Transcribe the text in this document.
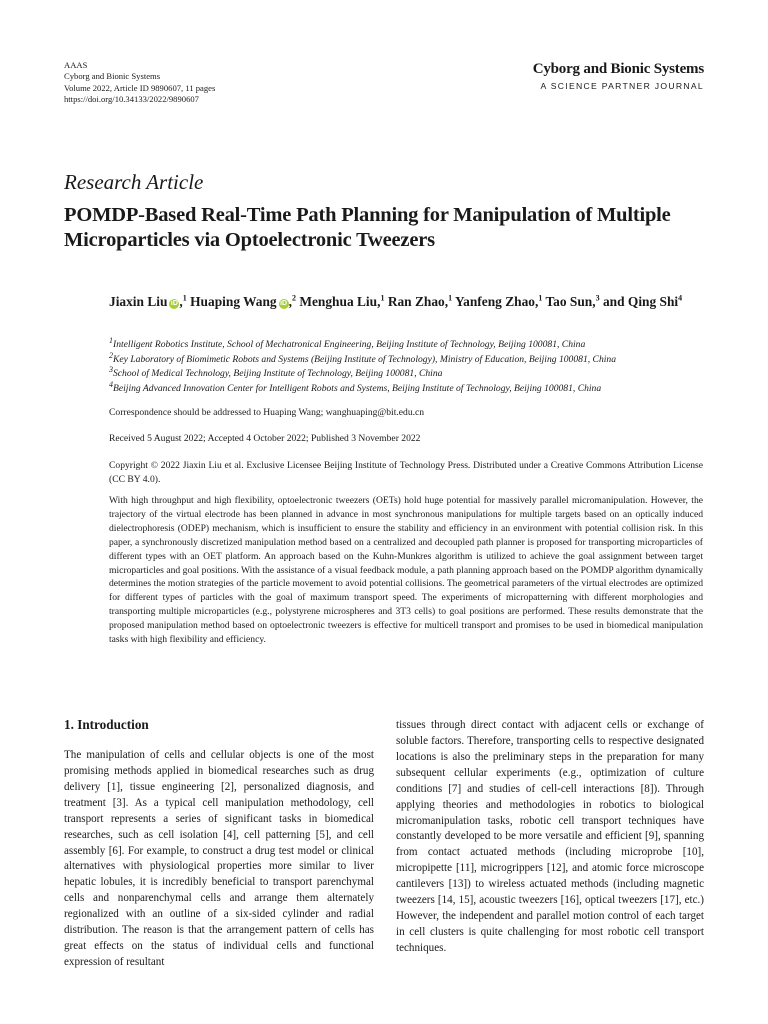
AAAS
Cyborg and Bionic Systems
Volume 2022, Article ID 9890607, 11 pages
https://doi.org/10.34133/2022/9890607
Cyborg and Bionic Systems
A SCIENCE PARTNER JOURNAL
Research Article
POMDP-Based Real-Time Path Planning for Manipulation of Multiple Microparticles via Optoelectronic Tweezers
Jiaxin Liu iD ,$^1$ Huaping Wang iD ,$^2$ Menghua Liu,$^1$ Ran Zhao,$^1$ Yanfeng Zhao,$^1$ Tao Sun,$^3$ and Qing Shi$^4$
$^1$Intelligent Robotics Institute, School of Mechatronical Engineering, Beijing Institute of Technology, Beijing 100081, China
$^2$Key Laboratory of Biomimetic Robots and Systems (Beijing Institute of Technology), Ministry of Education, Beijing 100081, China
$^3$School of Medical Technology, Beijing Institute of Technology, Beijing 100081, China
$^4$Beijing Advanced Innovation Center for Intelligent Robots and Systems, Beijing Institute of Technology, Beijing 100081, China
Correspondence should be addressed to Huaping Wang; wanghuaping@bit.edu.cn
Received 5 August 2022; Accepted 4 October 2022; Published 3 November 2022
Copyright © 2022 Jiaxin Liu et al. Exclusive Licensee Beijing Institute of Technology Press. Distributed under a Creative Commons Attribution License (CC BY 4.0).
With high throughput and high flexibility, optoelectronic tweezers (OETs) hold huge potential for massively parallel micromanipulation. However, the trajectory of the virtual electrode has been planned in advance in most synchronous manipulations for multiple targets based on an optically induced dielectrophoresis (ODEP) mechanism, which is insufficient to ensure the stability and efficiency in an environment with potential collision risk. In this paper, a synchronously discretized manipulation method based on a centralized and decoupled path planner is proposed for transporting microparticles of different types with an OET platform. An approach based on the Kuhn-Munkres algorithm is utilized to achieve the goal assignment between target microparticles and goal positions. With the assistance of a visual feedback module, a path planning approach based on the POMDP algorithm dynamically determines the motion strategies of the particle movement to avoid potential collisions. The geometrical parameters of the virtual electrodes are optimized for different types of particles with the goal of maximum transport speed. The experiments of micropatterning with different morphologies and transporting multiple microparticles (e.g., polystyrene microspheres and 3T3 cells) to goal positions are performed. These results demonstrate that the proposed manipulation method based on optoelectronic tweezers is effective for multicell transport and promises to be used in biomedical manipulation tasks with high flexibility and efficiency.
1. Introduction
The manipulation of cells and cellular objects is one of the most promising methods applied in biomedical researches such as drug delivery [1], tissue engineering [2], personalized diagnosis, and treatment [3]. As a typical cell manipulation methodology, cell transport represents a series of significant tasks in biomedical researches, such as cell isolation [4], cell patterning [5], and cell assembly [6]. For example, to construct a drug test model or clinical alternatives with physiological properties more similar to liver hepatic lobules, it is incredibly beneficial to transport parenchymal cells and nonparenchymal cells and arrange them alternately regionalized with an outline of a six-sided cylinder and radial distribution. The reason is that the arrangement pattern of cells has great effects on the status of individual cells and functional expression of resultant
tissues through direct contact with adjacent cells or exchange of soluble factors. Therefore, transporting cells to respective designated locations is also the preliminary steps in the preparation for many subsequent cellular experiments (e.g., optimization of culture conditions [7] and studies of cell-cell interactions [8]). Through applying theories and methodologies in robotics to biological micromanipulation tasks, robotic cell transport techniques have constantly developed to be more versatile and efficient [9], spanning from contact actuated methods (including microprobe [10], micropipette [11], microgrippers [12], and atomic force microscope cantilevers [13]) to wireless actuated methods (including magnetic tweezers [14, 15], acoustic tweezers [16], optical tweezers [17], etc.) However, the independent and parallel motion control of each target in cell clusters is quite challenging for most robotic cell transport techniques.
